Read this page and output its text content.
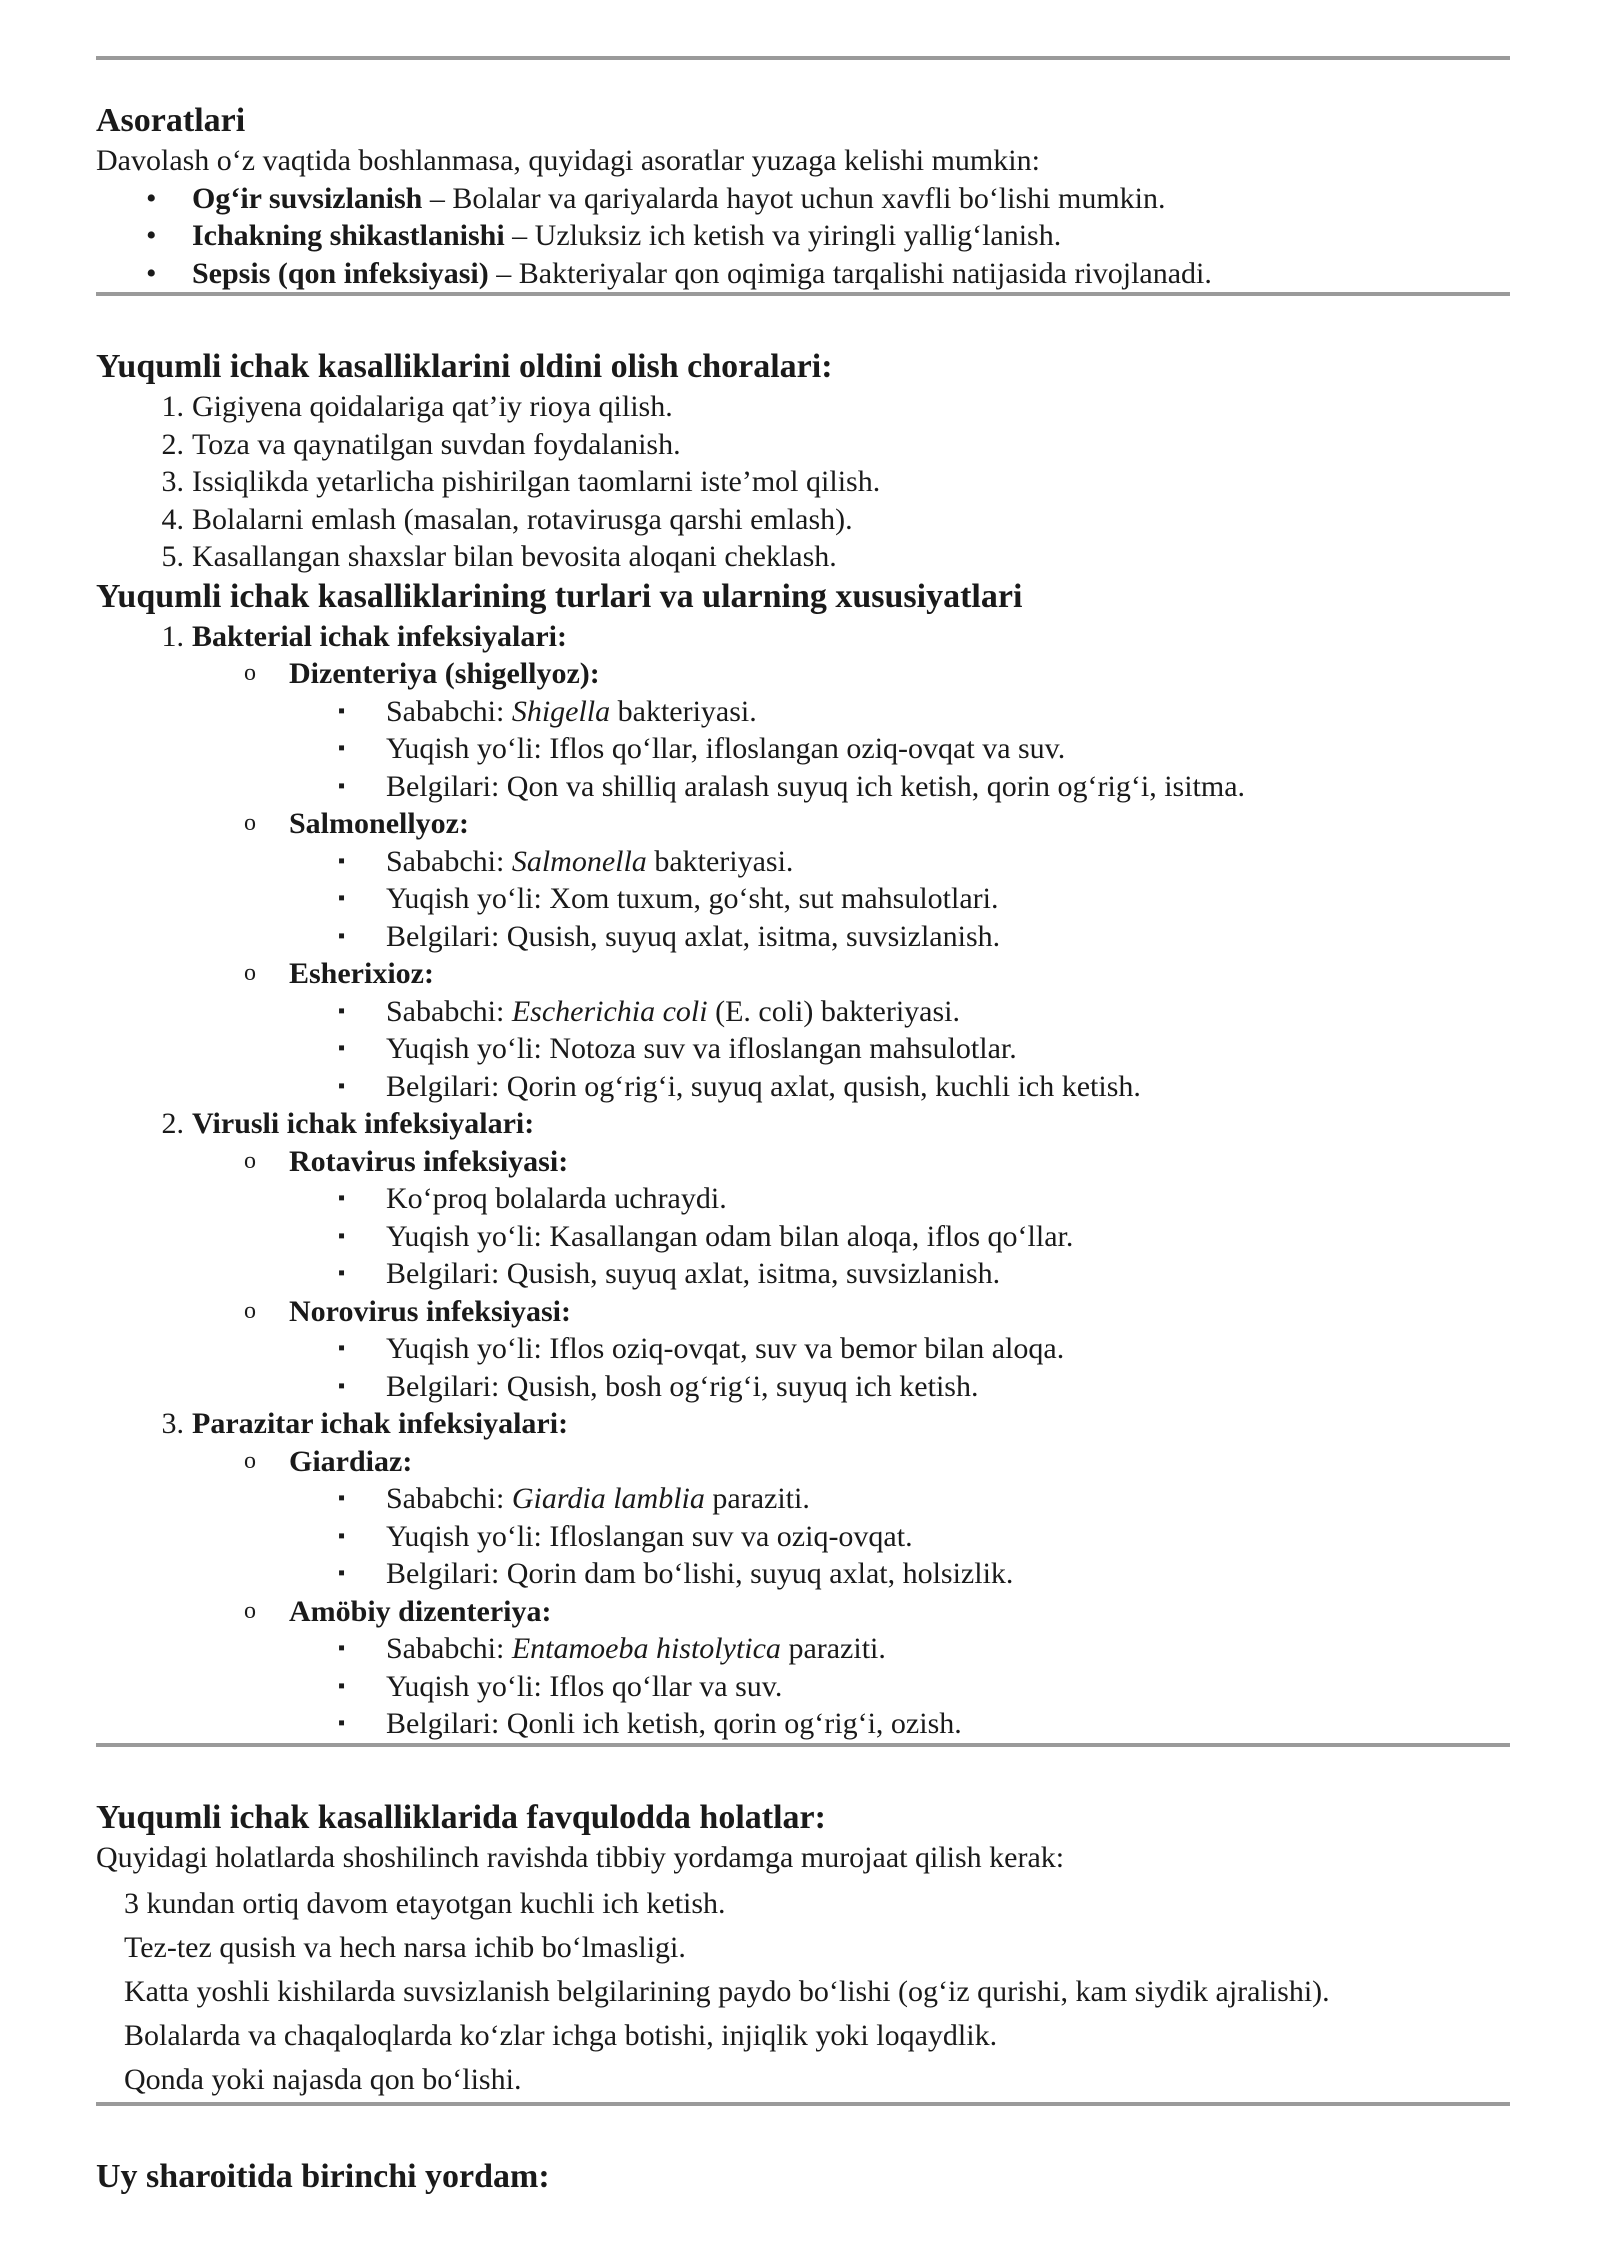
Asoratlari

Davolash o‘z vaqtida boshlanmasa, quyidagi asoratlar yuzaga kelishi mumkin:

•	Og‘ir suvsizlanish – Bolalar va qariyalarda hayot uchun xavfli bo‘lishi mumkin.
•	Ichakning shikastlanishi – Uzluksiz ich ketish va yiringli yallig‘lanish.
•	Sepsis (qon infeksiyasi) – Bakteriyalar qon oqimiga tarqalishi natijasida rivojlanadi.
Yuqumli ichak kasalliklarini oldini olish choralari:
1. Gigiyena qoidalariga qat’iy rioya qilish.
2. Toza va qaynatilgan suvdan foydalanish.
3. Issiqlikda yetarlicha pishirilgan taomlarni iste’mol qilish.
4. Bolalarni emlash (masalan, rotavirusga qarshi emlash).
5. Kasallangan shaxslar bilan bevosita aloqani cheklash.
Yuqumli ichak kasalliklarining turlari va ularning xususiyatlari
1. Bakterial ichak infeksiyalari:
o Dizenteriya (shigellyoz):
▪ Sababchi: Shigella bakteriyasi.
▪ Yuqish yo‘li: Iflos qo‘llar, ifloslangan oziq-ovqat va suv.
▪ Belgilari: Qon va shilliq aralash suyuq ich ketish, qorin og‘rig‘i, isitma.
o Salmonellyoz:
▪ Sababchi: Salmonella bakteriyasi.
▪ Yuqish yo‘li: Xom tuxum, go‘sht, sut mahsulotlari.
▪ Belgilari: Qusish, suyuq axlat, isitma, suvsizlanish.
o Esherixioz:
▪ Sababchi: Escherichia coli (E. coli) bakteriyasi.
▪ Yuqish yo‘li: Notoza suv va ifloslangan mahsulotlar.
▪ Belgilari: Qorin og‘rig‘i, suyuq axlat, qusish, kuchli ich ketish.
2. Virusli ichak infeksiyalari:
o Rotavirus infeksiyasi:
▪ Ko‘proq bolalarda uchraydi.
▪ Yuqish yo‘li: Kasallangan odam bilan aloqa, iflos qo‘llar.
▪ Belgilari: Qusish, suyuq axlat, isitma, suvsizlanish.
o Norovirus infeksiyasi:
▪ Yuqish yo‘li: Iflos oziq-ovqat, suv va bemor bilan aloqa.
▪ Belgilari: Qusish, bosh og‘rig‘i, suyuq ich ketish.
3. Parazitar ichak infeksiyalari:
o Giardiaz:
▪ Sababchi: Giardia lamblia paraziti.
▪ Yuqish yo‘li: Ifloslangan suv va oziq-ovqat.
▪ Belgilari: Qorin dam bo‘lishi, suyuq axlat, holsizlik.
o Amöbiy dizenteriya:
▪ Sababchi: Entamoeba histolytica paraziti.
▪ Yuqish yo‘li: Iflos qo‘llar va suv.
▪ Belgilari: Qonli ich ketish, qorin og‘rig‘i, ozish.
Yuqumli ichak kasalliklarida favqulodda holatlar:

Quyidagi holatlarda shoshilinch ravishda tibbiy yordamga murojaat qilish kerak:

3 kundan ortiq davom etayotgan kuchli ich ketish.
Tez-tez qusish va hech narsa ichib bo‘lmasligi.
Katta yoshli kishilarda suvsizlanish belgilarining paydo bo‘lishi (og‘iz qurishi, kam siydik ajralishi).
Bolalarda va chaqaloqlarda ko‘zlar ichga botishi, injiqlik yoki loqaydlik.
Qonda yoki najasda qon bo‘lishi.
Uy sharoitida birinchi yordam:
